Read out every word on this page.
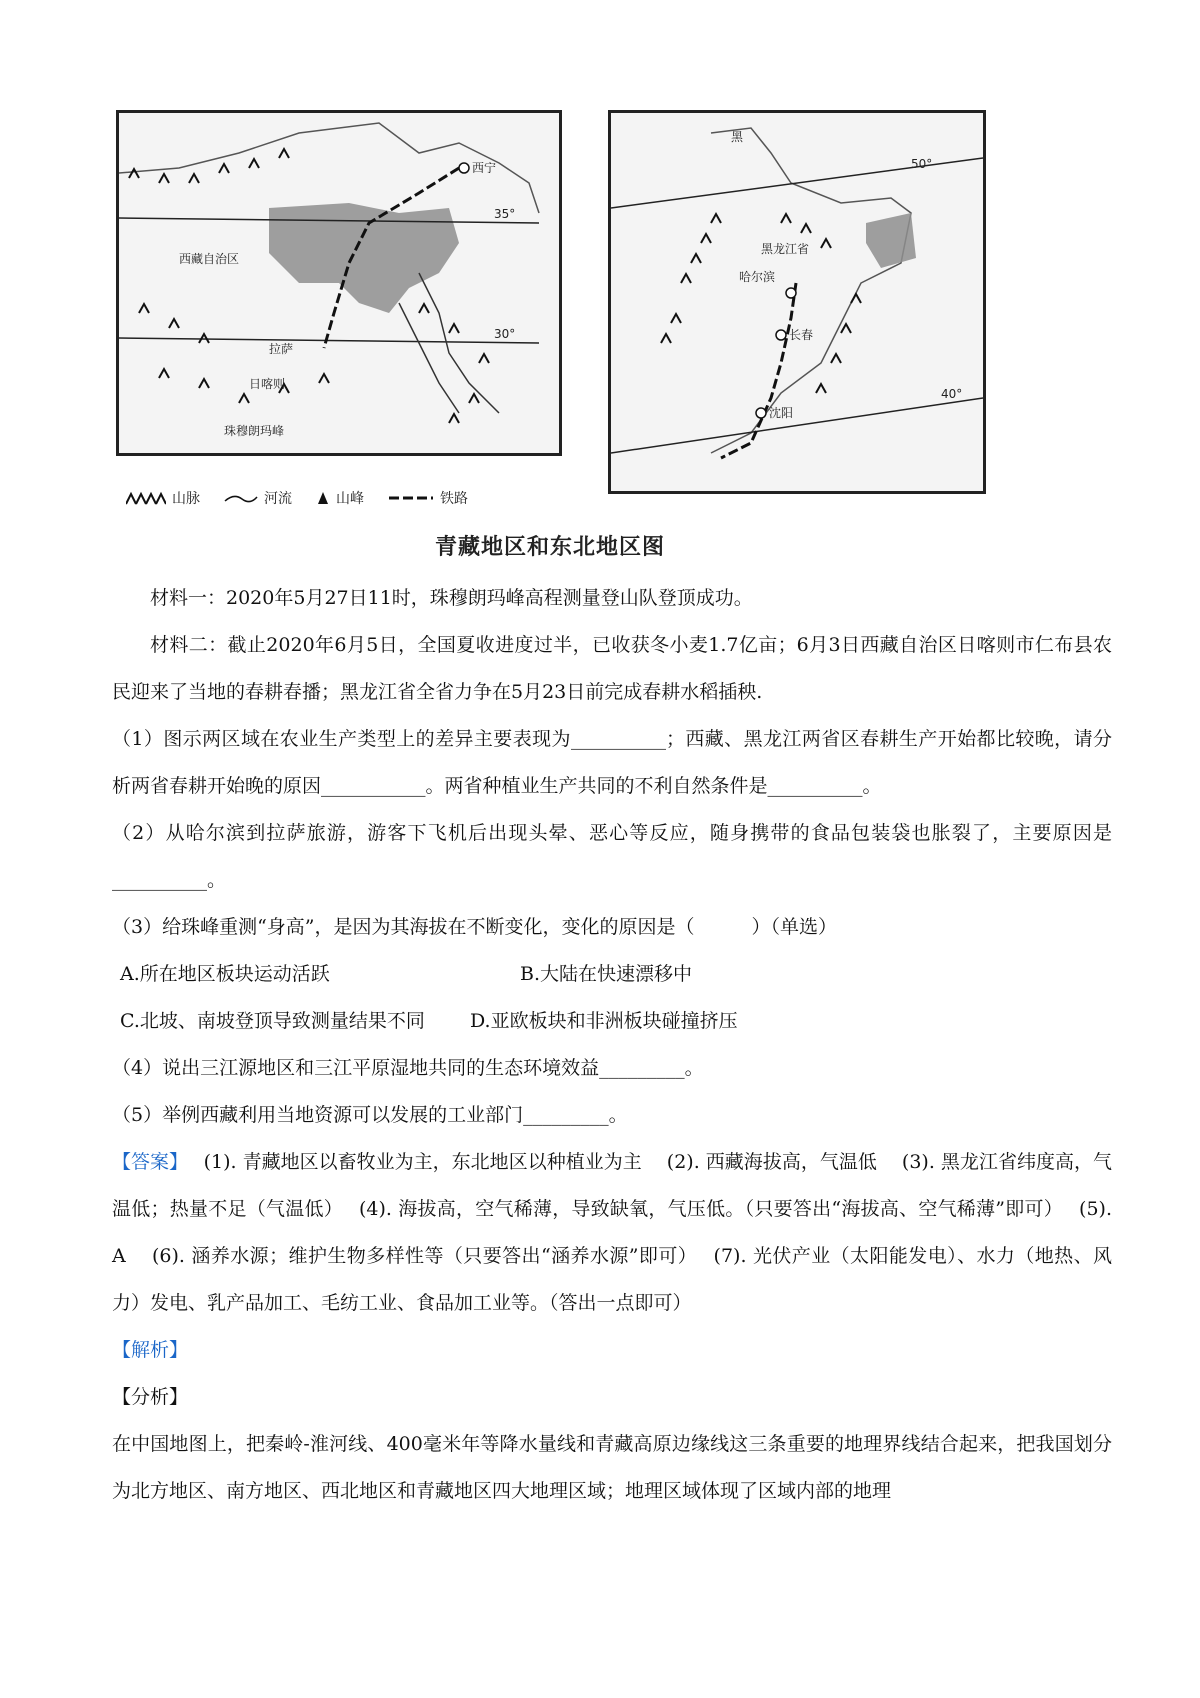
西宁
西藏自治区
拉萨
日喀则
珠穆朗玛峰
35°
30°
黑
黑龙江省
哈尔滨
长春
沈阳
50°
40°
山脉	河流	山峰	铁路
青藏地区和东北地区图

材料一：2020年5月27日11时，珠穆朗玛峰高程测量登山队登顶成功。

材料二：截止2020年6月5日，全国夏收进度过半，已收获冬小麦1.7亿亩；6月3日西藏自治区日喀则市仁布县农民迎来了当地的春耕春播；黑龙江省全省力争在5月23日前完成春耕水稻插秧.

（1）图示两区域在农业生产类型上的差异主要表现为__________；西藏、黑龙江两省区春耕生产开始都比较晚，请分析两省春耕开始晚的原因___________。两省种植业生产共同的不利自然条件是__________。

（2）从哈尔滨到拉萨旅游，游客下飞机后出现头晕、恶心等反应，随身携带的食品包装袋也胀裂了，主要原因是__________。

（3）给珠峰重测“身高”，是因为其海拔在不断变化，变化的原因是（　　　）（单选）

A.所在地区板块运动活跃	B.大陆在快速漂移中
C.北坡、南坡登顶导致测量结果不同	D.亚欧板块和非洲板块碰撞挤压

（4）说出三江源地区和三江平原湿地共同的生态环境效益_________。

（5）举例西藏利用当地资源可以发展的工业部门_________。

【答案】　 (1). 青藏地区以畜牧业为主，东北地区以种植业为主　 (2). 西藏海拔高，气温低　 (3). 黑龙江省纬度高，气温低；热量不足（气温低）　 (4). 海拔高，空气稀薄，导致缺氧，气压低。（只要答出“海拔高、空气稀薄”即可）　 (5). A　 (6). 涵养水源；维护生物多样性等（只要答出“涵养水源”即可）　 (7). 光伏产业（太阳能发电）、水力（地热、风力）发电、乳产品加工、毛纺工业、食品加工业等。（答出一点即可）

【解析】

【分析】

在中国地图上，把秦岭-淮河线、400毫米年等降水量线和青藏高原边缘线这三条重要的地理界线结合起来，把我国划分为北方地区、南方地区、西北地区和青藏地区四大地理区域；地理区域体现了区域内部的地理
